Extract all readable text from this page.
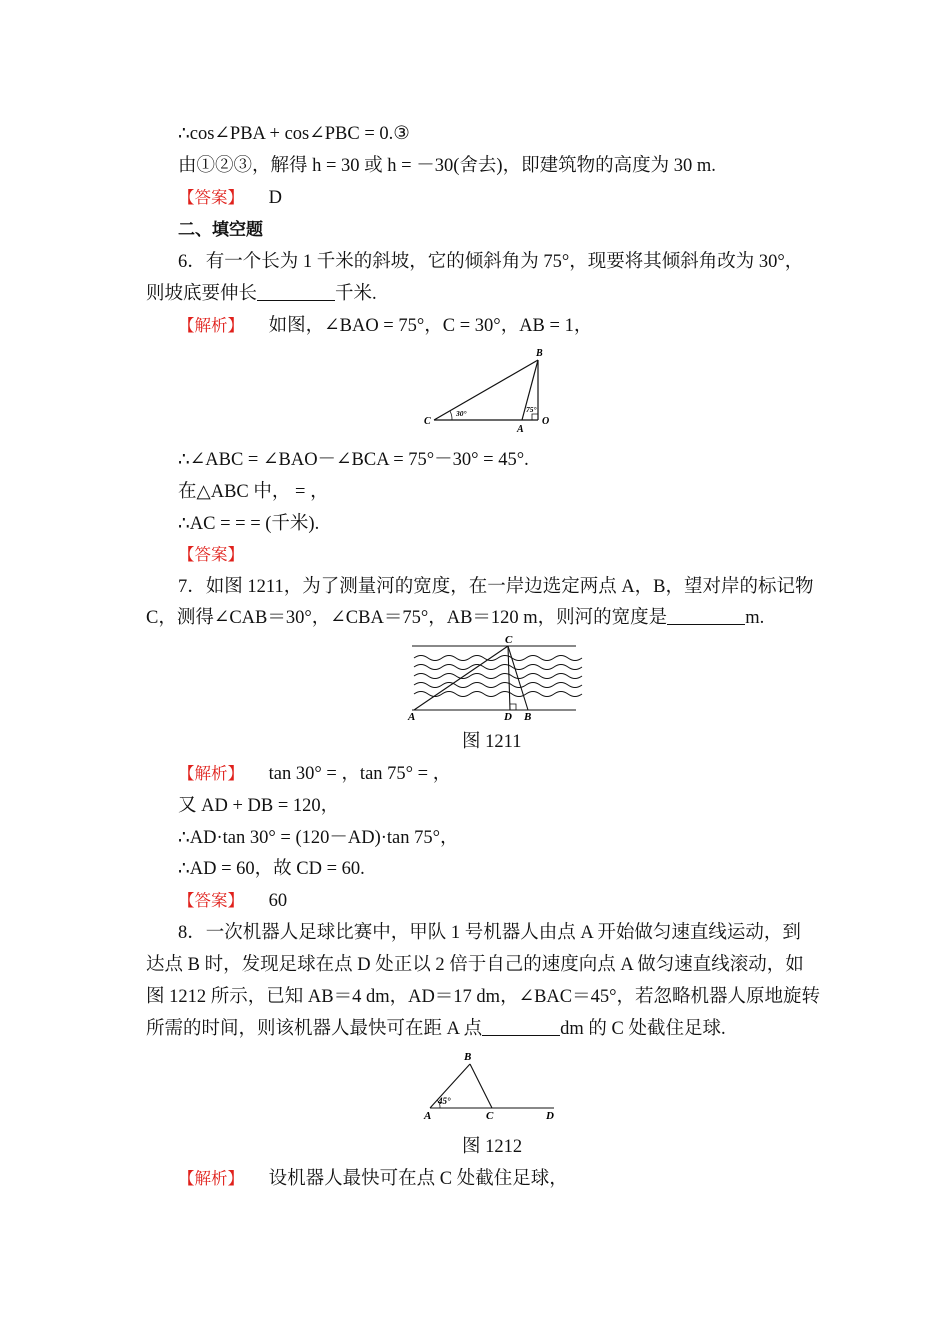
∴cos∠PBA + cos∠PBC = 0.③
由①②③，解得 h = 30 或 h = －30(舍去)，即建筑物的高度为 30 m.
【答案】 D
二、填空题
6．有一个长为 1 千米的斜坡，它的倾斜角为 75°，现要将其倾斜角改为 30°，
则坡底要伸长	千米.
【解析】 如图，∠BAO = 75°，C = 30°，AB = 1，
B
C
A
O
30°	75°
∴∠ABC = ∠BAO－∠BCA = 75°－30° = 45°.
在△ABC 中， = ，
∴AC = = = (千米).
【答案】
7．如图 1211，为了测量河的宽度，在一岸边选定两点 A，B，望对岸的标记物
C，测得∠CAB＝30°，∠CBA＝75°，AB＝120 m，则河的宽度是	m.
C
A	D B
图 1211
【解析】 tan 30° = ，tan 75° = ，
又 AD + DB = 120，
∴AD·tan 30° = (120－AD)·tan 75°，
∴AD = 60，故 CD = 60.
【答案】 60
8．一次机器人足球比赛中，甲队 1 号机器人由点 A 开始做匀速直线运动，到
达点 B 时，发现足球在点 D 处正以 2 倍于自己的速度向点 A 做匀速直线滚动，如
图 1212 所示，已知 AB＝4 dm，AD＝17 dm，∠BAC＝45°，若忽略机器人原地旋转
所需的时间，则该机器人最快可在距 A 点	dm 的 C 处截住足球.
B
A	C	D
45°
图 1212
【解析】 设机器人最快可在点 C 处截住足球，
